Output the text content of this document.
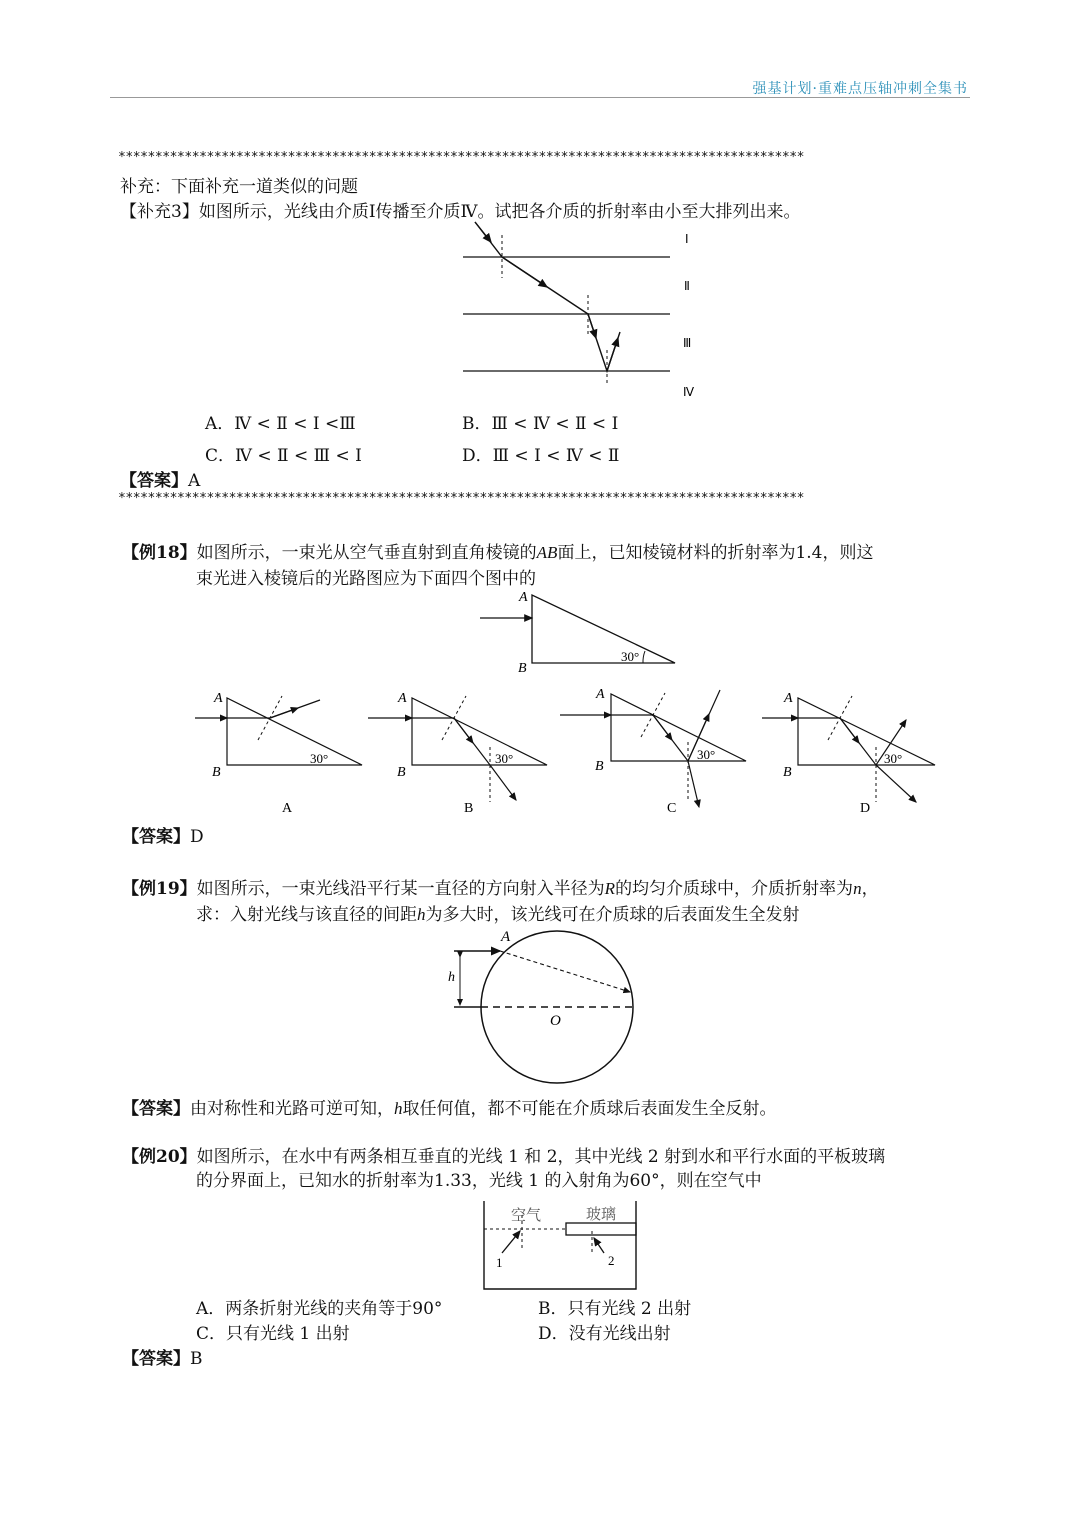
强基计划·重难点压轴冲刺全集书
*********************************************************************************************
补充：下面补充一道类似的问题
【补充3】如图所示，光线由介质Ⅰ传播至介质Ⅳ。试把各介质的折射率由小至大排列出来。
Ⅰ
Ⅱ
Ⅲ
Ⅳ
A．Ⅳ < Ⅱ < Ⅰ <Ⅲ	B．Ⅲ < Ⅳ < Ⅱ < Ⅰ
C．Ⅳ < Ⅱ < Ⅲ < Ⅰ	D．Ⅲ < Ⅰ < Ⅳ < Ⅱ
【答案】A
*********************************************************************************************
【例18】如图所示，一束光从空气垂直射到直角棱镜的AB面上，已知棱镜材料的折射率为1.4，则这
束光进入棱镜后的光路图应为下面四个图中的
30°
A
B
30°
A
B
A
30°
A
B
B
30°
A
B
C
30°
A
B
D
【答案】D
【例19】如图所示，一束光线沿平行某一直径的方向射入半径为R的均匀介质球中，介质折射率为n，
求：入射光线与该直径的间距h为多大时，该光线可在介质球的后表面发生全发射
h
A
O
【答案】由对称性和光路可逆可知，h取任何值，都不可能在介质球后表面发生全反射。
【例20】如图所示，在水中有两条相互垂直的光线 1 和 2，其中光线 2 射到水和平行水面的平板玻璃
的分界面上，已知水的折射率为1.33，光线 1 的入射角为60°，则在空气中
空气	玻璃
1	2
A．两条折射光线的夹角等于90°	B．只有光线 2 出射
C．只有光线 1 出射	D．没有光线出射
【答案】B
